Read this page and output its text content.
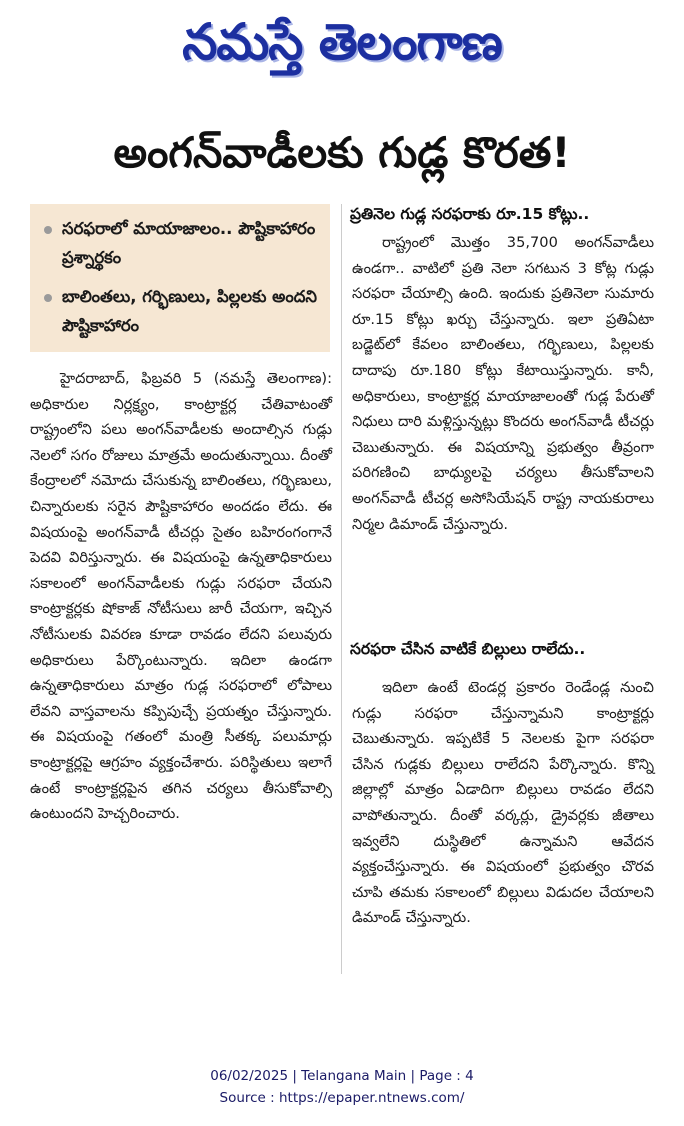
నమస్తే తెలంగాణ
అంగన్‌వాడీలకు గుడ్ల కొరత!
సరఫరాలో మాయాజాలం.. పౌష్టికాహారం ప్రశ్నార్థకం
బాలింతలు, గర్భిణులు, పిల్లలకు అందని పౌష్టికాహారం
హైదరాబాద్, ఫిబ్రవరి 5 (నమస్తే తెలంగాణ): అధికారుల నిర్లక్ష్యం, కాంట్రాక్టర్ల చేతివాటంతో రాష్ట్రంలోని పలు అంగన్‌వాడీలకు అందాల్సిన గుడ్లు నెలలో సగం రోజులు మాత్రమే అందుతున్నాయి. దీంతో కేంద్రాలలో నమోదు చేసుకున్న బాలింతలు, గర్భిణులు, చిన్నారులకు సరైన పౌష్టికాహారం అందడం లేదు. ఈ విషయంపై అంగన్‌వాడీ టీచర్లు సైతం బహిరంగంగానే పెదవి విరిస్తున్నారు. ఈ విషయంపై ఉన్నతాధికారులు సకాలంలో అంగన్‌వాడీలకు గుడ్లు సరఫరా చేయని కాంట్రాక్టర్లకు షోకాజ్ నోటీసులు జారీ చేయగా, ఇచ్చిన నోటీసులకు వివరణ కూడా రావడం లేదని పలువురు అధికారులు పేర్కొంటున్నారు. ఇదిలా ఉండగా ఉన్నతాధికారులు మాత్రం గుడ్ల సరఫరాలో లోపాలు లేవని వాస్తవాలను కప్పిపుచ్చే ప్రయత్నం చేస్తున్నారు. ఈ విషయంపై గతంలో మంత్రి సీతక్క పలుమార్లు కాంట్రాక్టర్లపై ఆగ్రహం వ్యక్తంచేశారు. పరిస్థితులు ఇలాగే ఉంటే కాంట్రాక్టర్లపైన తగిన చర్యలు తీసుకోవాల్సి ఉంటుందని హెచ్చరించారు.
ప్రతినెల గుడ్ల సరఫరాకు రూ.15 కోట్లు..
రాష్ట్రంలో మొత్తం 35,700 అంగన్‌వాడీలు ఉండగా.. వాటిలో ప్రతి నెలా సగటున 3 కోట్ల గుడ్లు సరఫరా చేయాల్సి ఉంది. ఇందుకు ప్రతినెలా సుమారు రూ.15 కోట్లు ఖర్చు చేస్తున్నారు. ఇలా ప్రతిఏటా బడ్జెట్‌లో కేవలం బాలింతలు, గర్భిణులు, పిల్లలకు దాదాపు రూ.180 కోట్లు కేటాయిస్తున్నారు. కానీ, అధికారులు, కాంట్రాక్టర్ల మాయాజాలంతో గుడ్ల పేరుతో నిధులు దారి మళ్లిస్తున్నట్లు కొందరు అంగన్‌వాడీ టీచర్లు చెబుతున్నారు. ఈ విషయాన్ని ప్రభుత్వం తీవ్రంగా పరిగణించి బాధ్యులపై చర్యలు తీసుకోవాలని అంగన్‌వాడీ టీచర్ల అసోసియేషన్ రాష్ట్ర నాయకురాలు నిర్మల డిమాండ్ చేస్తున్నారు.
సరఫరా చేసిన వాటికే బిల్లులు రాలేదు..
ఇదిలా ఉంటే టెండర్ల ప్రకారం రెండేండ్ల నుంచి గుడ్లు సరఫరా చేస్తున్నామని కాంట్రాక్టర్లు చెబుతున్నారు. ఇప్పటికే 5 నెలలకు పైగా సరఫరా చేసిన గుడ్లకు బిల్లులు రాలేదని పేర్కొన్నారు. కొన్ని జిల్లాల్లో మాత్రం ఏడాదిగా బిల్లులు రావడం లేదని వాపోతున్నారు. దీంతో వర్కర్లు, డ్రైవర్లకు జీతాలు ఇవ్వలేని దుస్థితిలో ఉన్నామని ఆవేదన వ్యక్తంచేస్తున్నారు. ఈ విషయంలో ప్రభుత్వం చొరవ చూపి తమకు సకాలంలో బిల్లులు విడుదల చేయాలని డిమాండ్ చేస్తున్నారు.
06/02/2025 | Telangana Main | Page : 4
Source : https://epaper.ntnews.com/
